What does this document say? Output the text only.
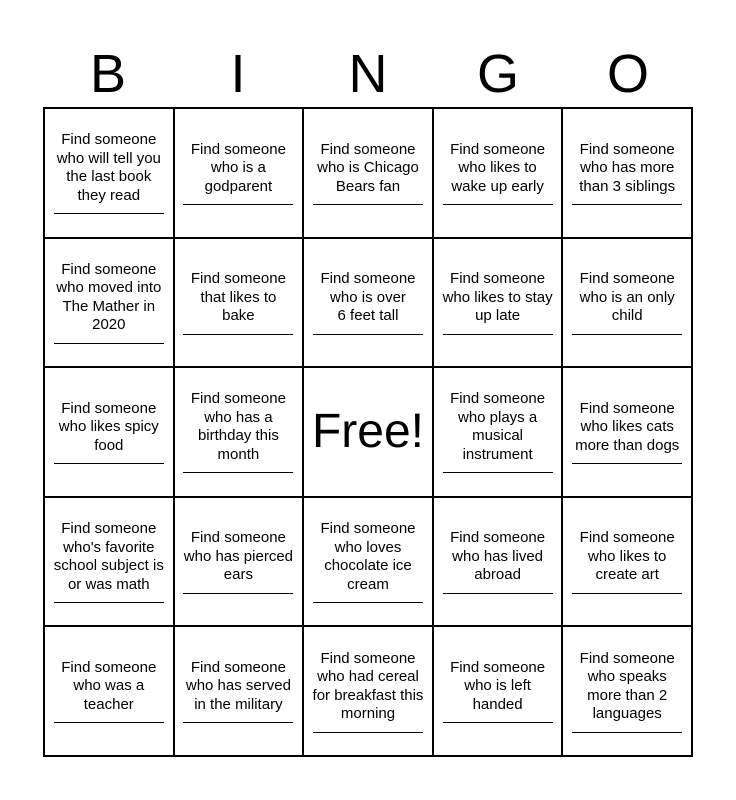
B	I	N	G	O
Find someone
who will tell you
the last book
they read
Find someone
who is a
godparent
Find someone
who is Chicago
Bears fan
Find someone
who likes to
wake up early
Find someone
who has more
than 3 siblings
Find someone
who moved into
The Mather in
2020
Find someone
that likes to
bake
Find someone
who is over
6 feet tall
Find someone
who likes to stay
up late
Find someone
who is an only
child
Find someone
who likes spicy
food
Find someone
who has a
birthday this
month	Free!
Find someone
who plays a
musical
instrument
Find someone
who likes cats
more than dogs
Find someone
who's favorite
school subject is
or was math
Find someone
who has pierced
ears
Find someone
who loves
chocolate ice
cream
Find someone
who has lived
abroad
Find someone
who likes to
create art
Find someone
who was a
teacher
Find someone
who has served
in the military
Find someone
who had cereal
for breakfast this
morning
Find someone
who is left
handed
Find someone
who speaks
more than 2
languages
